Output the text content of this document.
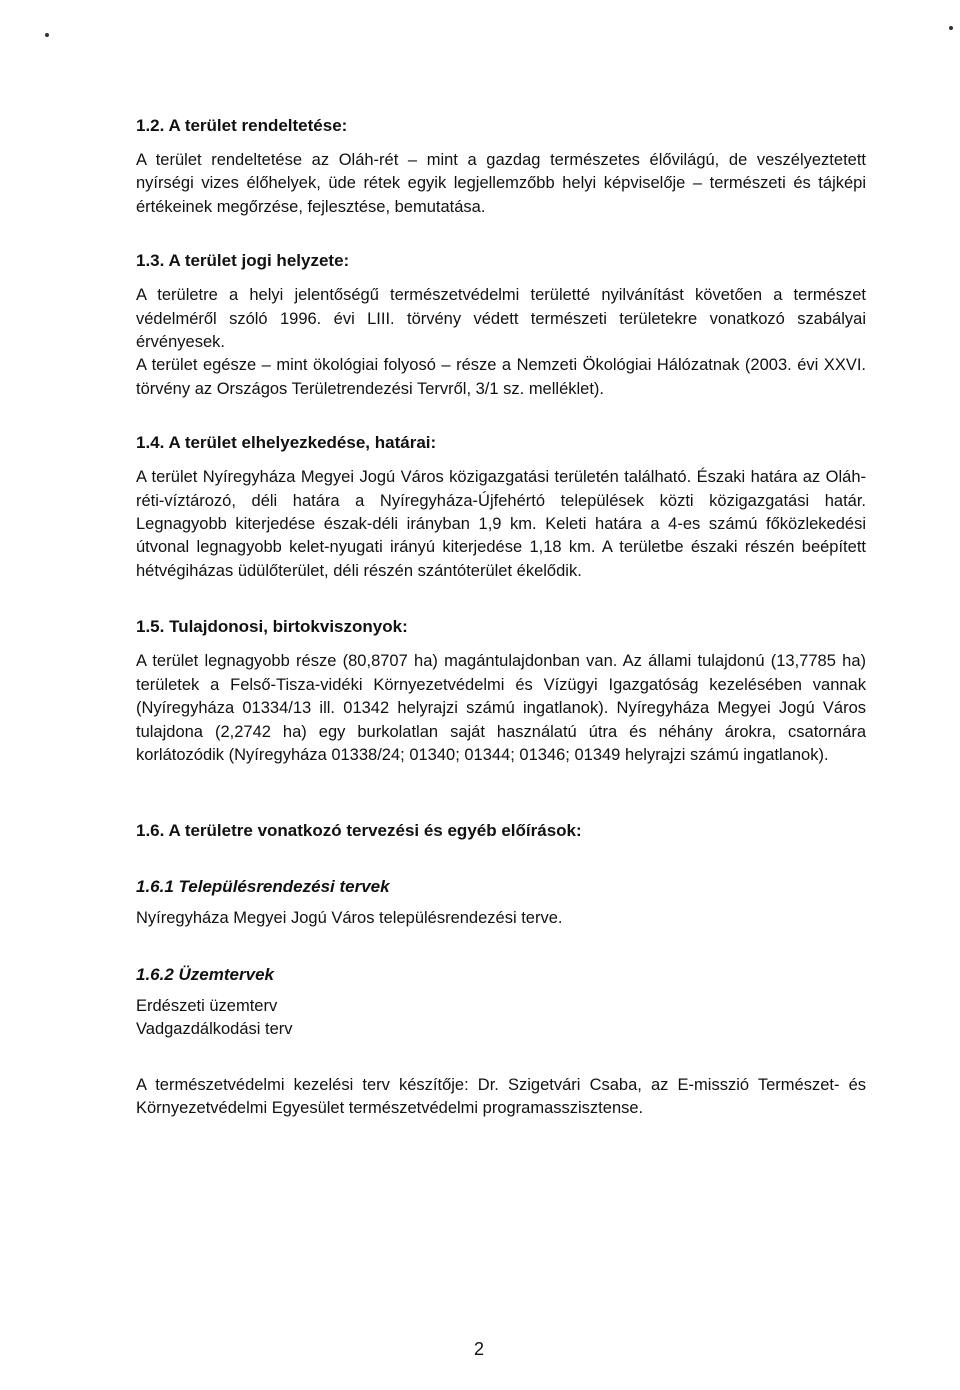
1.2. A terület rendeltetése:

A terület rendeltetése az Oláh-rét – mint a gazdag természetes élővilágú, de veszélyeztetett nyírségi vizes élőhelyek, üde rétek egyik legjellemzőbb helyi képviselője – természeti és tájképi értékeinek megőrzése, fejlesztése, bemutatása.

1.3. A terület jogi helyzete:

A területre a helyi jelentőségű természetvédelmi területté nyilvánítást követően a természet védelméről szóló 1996. évi LIII. törvény védett természeti területekre vonatkozó szabályai érvényesek.

A terület egésze – mint ökológiai folyosó – része a Nemzeti Ökológiai Hálózatnak (2003. évi XXVI. törvény az Országos Területrendezési Tervről, 3/1 sz. melléklet).

1.4. A terület elhelyezkedése, határai:

A terület Nyíregyháza Megyei Jogú Város közigazgatási területén található. Északi határa az Oláh-réti-víztározó, déli határa a Nyíregyháza-Újfehértó települések közti közigazgatási határ. Legnagyobb kiterjedése észak-déli irányban 1,9 km. Keleti határa a 4-es számú főközlekedési útvonal legnagyobb kelet-nyugati irányú kiterjedése 1,18 km. A területbe északi részén beépített hétvégiházas üdülőterület, déli részén szántóterület ékelődik.

1.5. Tulajdonosi, birtokviszonyok:

A terület legnagyobb része (80,8707 ha) magántulajdonban van. Az állami tulajdonú (13,7785 ha) területek a Felső-Tisza-vidéki Környezetvédelmi és Vízügyi Igazgatóság kezelésében vannak (Nyíregyháza 01334/13 ill. 01342 helyrajzi számú ingatlanok). Nyíregyháza Megyei Jogú Város tulajdona (2,2742 ha) egy burkolatlan saját használatú útra és néhány árokra, csatornára korlátozódik (Nyíregyháza 01338/24; 01340; 01344; 01346; 01349 helyrajzi számú ingatlanok).

1.6. A területre vonatkozó tervezési és egyéb előírások:
1.6.1 Településrendezési tervek

Nyíregyháza Megyei Jogú Város településrendezési terve.

1.6.2 Üzemtervek

Erdészeti üzemterv

Vadgazdálkodási terv

A természetvédelmi kezelési terv készítője: Dr. Szigetvári Csaba, az E-misszió Természet- és Környezetvédelmi Egyesület természetvédelmi programasszisztense.

2
